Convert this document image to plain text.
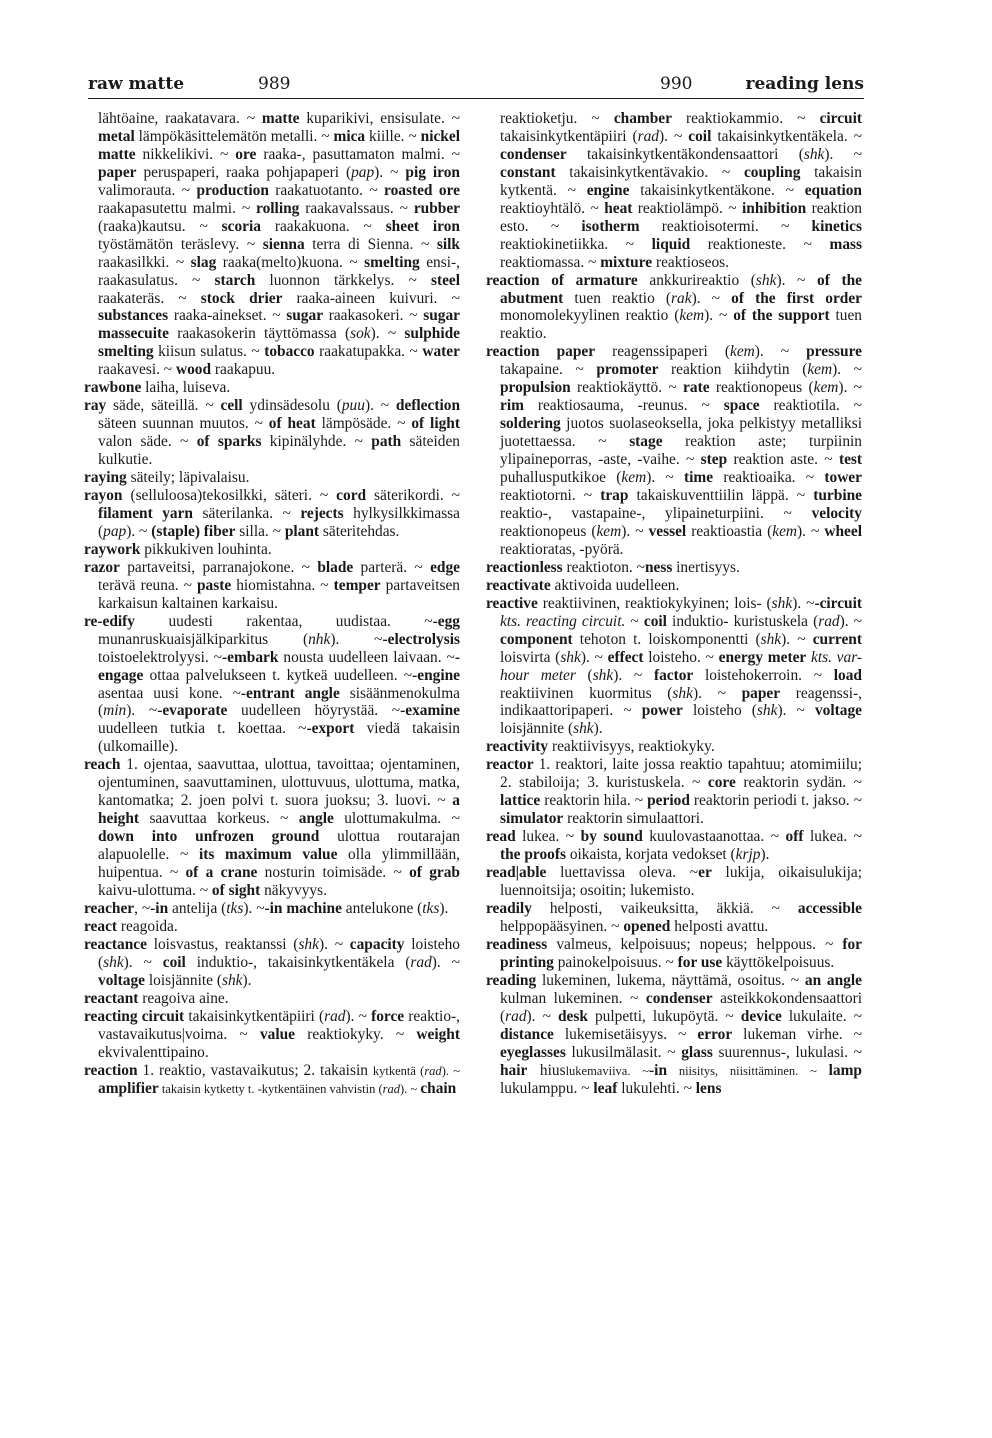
raw matte	989	990	reading lens

lähtöaine, raakatavara. ~ matte kuparikivi, ensisulate. ~ metal lämpökäsittelemätön metalli. ~ mica kiille. ~ nickel matte nikkelikivi. ~ ore raaka-, pasuttamaton malmi. ~ paper peruspaperi, raaka pohjapaperi (pap). ~ pig iron valimorauta. ~ production raakatuotanto. ~ roasted ore raakapasutettu malmi. ~ rolling raakavalssaus. ~ rubber (raaka)kautsu. ~ scoria raakakuona. ~ sheet iron työstämätön teräslevy. ~ sienna terra di Sienna. ~ silk raakasilkki. ~ slag raaka(melto)kuona. ~ smelting ensi-, raakasulatus. ~ starch luonnon tärkkelys. ~ steel raakateräs. ~ stock drier raaka-aineen kuivuri. ~ substances raaka-ainekset. ~ sugar raakasokeri. ~ sugar massecuite raakasokerin täyttömassa (sok). ~ sulphide smelting kiisun sulatus. ~ tobacco raakatupakka. ~ water raakavesi. ~ wood raakapuu.

rawbone laiha, luiseva.

ray säde, säteillä. ~ cell ydinsädesolu (puu). ~ deflection säteen suunnan muutos. ~ of heat lämpösäde. ~ of light valon säde. ~ of sparks kipinälyhde. ~ path säteiden kulkutie.

raying säteily; läpivalaisu.

rayon (selluloosa)tekosilkki, säteri. ~ cord säterikordi. ~ filament yarn säterilanka. ~ rejects hylkysilkkimassa (pap). ~ (staple) fiber silla. ~ plant säteritehdas.

raywork pikkukiven louhinta.

razor partaveitsi, parranajokone. ~ blade parterä. ~ edge terävä reuna. ~ paste hiomistahna. ~ temper partaveitsen karkaisun kaltainen karkaisu.

re-edify uudesti rakentaa, uudistaa. ~-egg munanruskuaisjälkiparkitus (nhk). ~-electrolysis toistoelektrolyysi. ~-embark nousta uudelleen laivaan. ~-engage ottaa palvelukseen t. kytkeä uudelleen. ~-engine asentaa uusi kone. ~-entrant angle sisäänmenokulma (min). ~-evaporate uudelleen höyrystää. ~-examine uudelleen tutkia t. koettaa. ~-export viedä takaisin (ulkomaille).

reach 1. ojentaa, saavuttaa, ulottua, tavoittaa; ojentaminen, ojentuminen, saavuttaminen, ulottuvuus, ulottuma, matka, kantomatka; 2. joen polvi t. suora juoksu; 3. luovi. ~ a height saavuttaa korkeus. ~ angle ulottumakulma. ~ down into unfrozen ground ulottua routarajan alapuolelle. ~ its maximum value olla ylimmillään, huipentua. ~ of a crane nosturin toimisäde. ~ of grab kaivu-ulottuma. ~ of sight näkyvyys.

reacher, ~-in antelija (tks). ~-in machine antelukone (tks).

react reagoida.

reactance loisvastus, reaktanssi (shk). ~ capacity loisteho (shk). ~ coil induktio-, takaisinkytkentäkela (rad). ~ voltage loisjännite (shk).

reactant reagoiva aine.

reacting circuit takaisinkytkentäpiiri (rad). ~ force reaktio-, vastavaikutus|voima. ~ value reaktiokyky. ~ weight ekvivalenttipaino.

reaction 1. reaktio, vastavaikutus; 2. takaisin kytkentä (rad). ~ amplifier takaisin kytketty t. -kytkentäinen vahvistin (rad). ~ chain

reaktioketju. ~ chamber reaktiokammio. ~ circuit takaisinkytkentäpiiri (rad). ~ coil takaisinkytkentäkela. ~ condenser takaisinkytkentäkondensaattori (shk). ~ constant takaisinkytkentävakio. ~ coupling takaisin kytkentä. ~ engine takaisinkytkentäkone. ~ equation reaktioyhtälö. ~ heat reaktiolämpö. ~ inhibition reaktion esto. ~ isotherm reaktioisotermi. ~ kinetics reaktiokinetiikka. ~ liquid reaktioneste. ~ mass reaktiomassa. ~ mixture reaktioseos.

reaction of armature ankkurireaktio (shk). ~ of the abutment tuen reaktio (rak). ~ of the first order monomolekyylinen reaktio (kem). ~ of the support tuen reaktio.

reaction paper reagenssipaperi (kem). ~ pressure takapaine. ~ promoter reaktion kiihdytin (kem). ~ propulsion reaktiokäyttö. ~ rate reaktionopeus (kem). ~ rim reaktiosauma, -reunus. ~ space reaktiotila. ~ soldering juotos suolaseoksella, joka pelkistyy metalliksi juotettaessa. ~ stage reaktion aste; turpiinin ylipaineporras, -aste, -vaihe. ~ step reaktion aste. ~ test puhallusputkikoe (kem). ~ time reaktioaika. ~ tower reaktiotorni. ~ trap takaiskuventtiilin läppä. ~ turbine reaktio-, vastapaine-, ylipaineturpiini. ~ velocity reaktionopeus (kem). ~ vessel reaktioastia (kem). ~ wheel reaktioratas, -pyörä.

reactionless reaktioton. ~ness inertisyys.

reactivate aktivoida uudelleen.

reactive reaktiivinen, reaktiokykyinen; lois- (shk). ~-circuit kts. reacting circuit. ~ coil induktio- kuristuskela (rad). ~ component tehoton t. loiskomponentti (shk). ~ current loisvirta (shk). ~ effect loisteho. ~ energy meter kts. var-hour meter (shk). ~ factor loistehokerroin. ~ load reaktiivinen kuormitus (shk). ~ paper reagenssi-, indikaattoripaperi. ~ power loisteho (shk). ~ voltage loisjännite (shk).

reactivity reaktiivisyys, reaktiokyky.

reactor 1. reaktori, laite jossa reaktio tapahtuu; atomimiilu; 2. stabiloija; 3. kuristuskela. ~ core reaktorin sydän. ~ lattice reaktorin hila. ~ period reaktorin periodi t. jakso. ~ simulator reaktorin simulaattori.

read lukea. ~ by sound kuulovastaanottaa. ~ off lukea. ~ the proofs oikaista, korjata vedokset (krjp).

read|able luettavissa oleva. ~er lukija, oikaisulukija; luennoitsija; osoitin; lukemisto.

readily helposti, vaikeuksitta, äkkiä. ~ accessible helppopääsyinen. ~ opened helposti avattu.

readiness valmeus, kelpoisuus; nopeus; helppous. ~ for printing painokelpoisuus. ~ for use käyttökelpoisuus.

reading lukeminen, lukema, näyttämä, osoitus. ~ an angle kulman lukeminen. ~ condenser asteikkokondensaattori (rad). ~ desk pulpetti, lukupöytä. ~ device lukulaite. ~ distance lukemisetäisyys. ~ error lukeman virhe. ~ eyeglasses lukusilmälasit. ~ glass suurennus-, lukulasi. ~ hair hiuslukemaviiva. ~-in niisitys, niisittäminen. ~ lamp lukulamppu. ~ leaf lukulehti. ~ lens
